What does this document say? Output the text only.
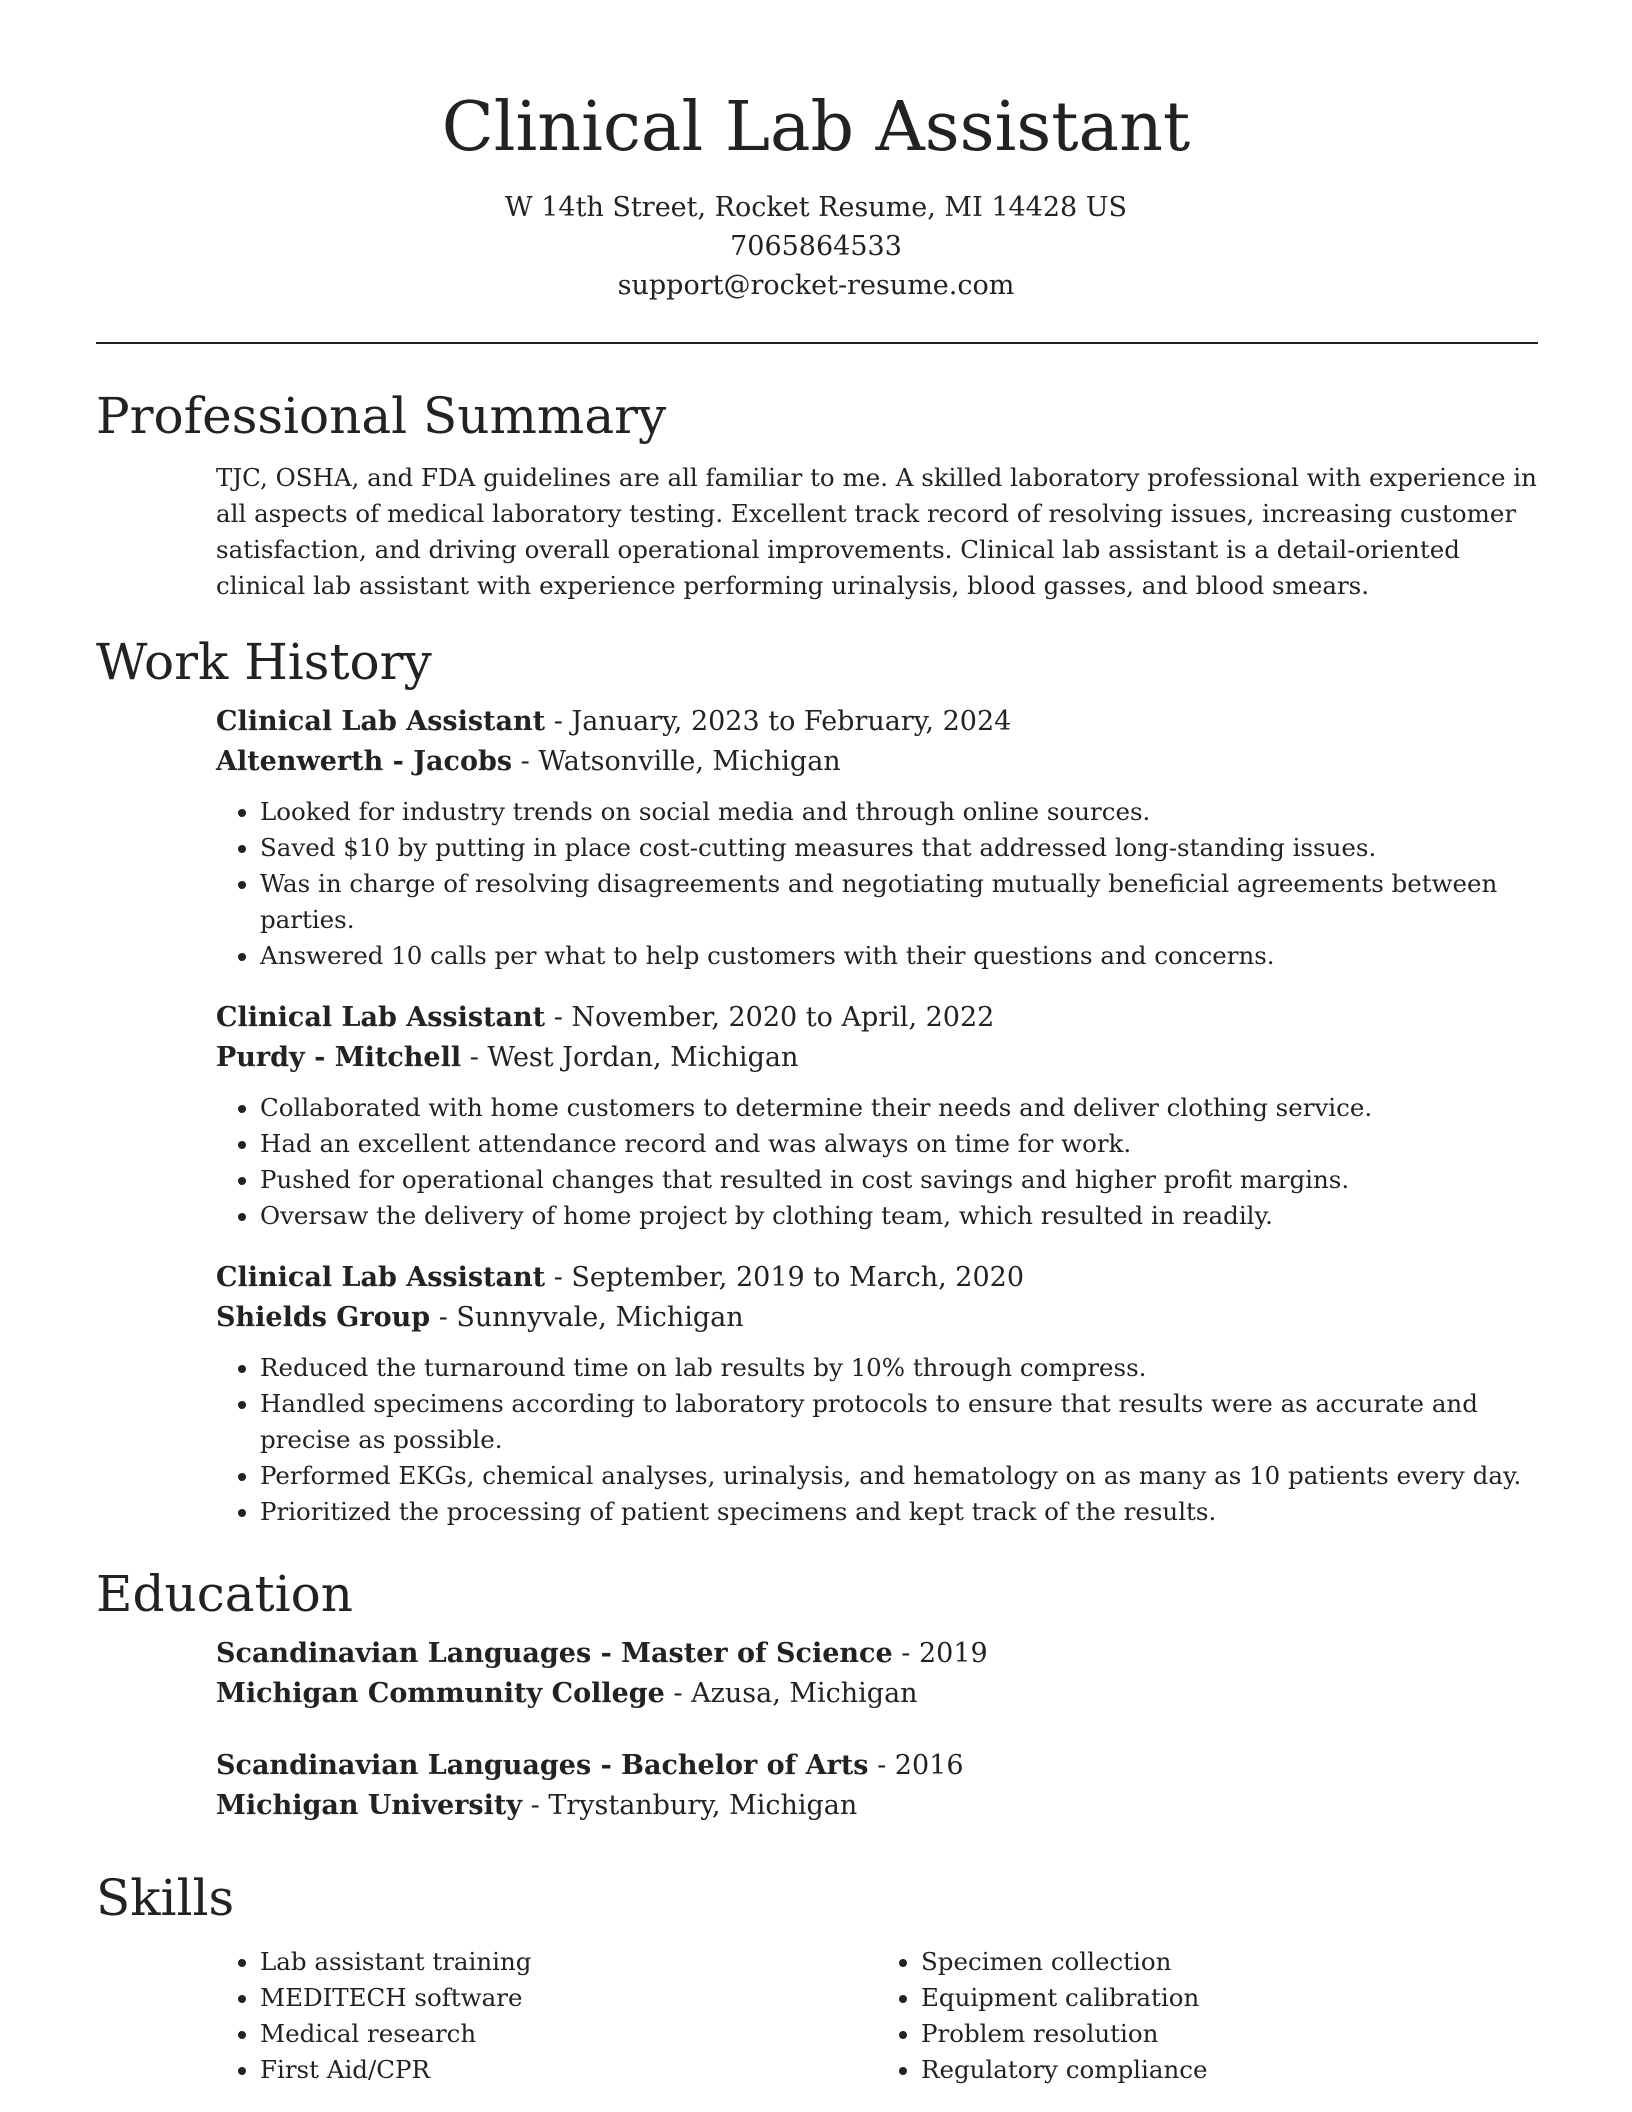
Clinical Lab Assistant
W 14th Street, Rocket Resume, MI 14428 US
7065864533
support@rocket-resume.com
Professional Summary

TJC, OSHA, and FDA guidelines are all familiar to me. A skilled laboratory professional with experience in all aspects of medical laboratory testing. Excellent track record of resolving issues, increasing customer satisfaction, and driving overall operational improvements. Clinical lab assistant is a detail-oriented clinical lab assistant with experience performing urinalysis, blood gasses, and blood smears.

Work History
Clinical Lab Assistant - January, 2023 to February, 2024
Altenwerth - Jacobs - Watsonville, Michigan
• Looked for industry trends on social media and through online sources.
• Saved $10 by putting in place cost-cutting measures that addressed long-standing issues.
• Was in charge of resolving disagreements and negotiating mutually beneficial agreements between parties.
• Answered 10 calls per what to help customers with their questions and concerns.
Clinical Lab Assistant - November, 2020 to April, 2022
Purdy - Mitchell - West Jordan, Michigan
• Collaborated with home customers to determine their needs and deliver clothing service.
• Had an excellent attendance record and was always on time for work.
• Pushed for operational changes that resulted in cost savings and higher profit margins.
• Oversaw the delivery of home project by clothing team, which resulted in readily.
Clinical Lab Assistant - September, 2019 to March, 2020
Shields Group - Sunnyvale, Michigan
• Reduced the turnaround time on lab results by 10% through compress.
• Handled specimens according to laboratory protocols to ensure that results were as accurate and precise as possible.
• Performed EKGs, chemical analyses, urinalysis, and hematology on as many as 10 patients every day.
• Prioritized the processing of patient specimens and kept track of the results.
Education
Scandinavian Languages - Master of Science - 2019
Michigan Community College - Azusa, Michigan
Scandinavian Languages - Bachelor of Arts - 2016
Michigan University - Trystanbury, Michigan
Skills
• Lab assistant training
• MEDITECH software
• Medical research
• First Aid/CPR
• Specimen collection
• Equipment calibration
• Problem resolution
• Regulatory compliance
